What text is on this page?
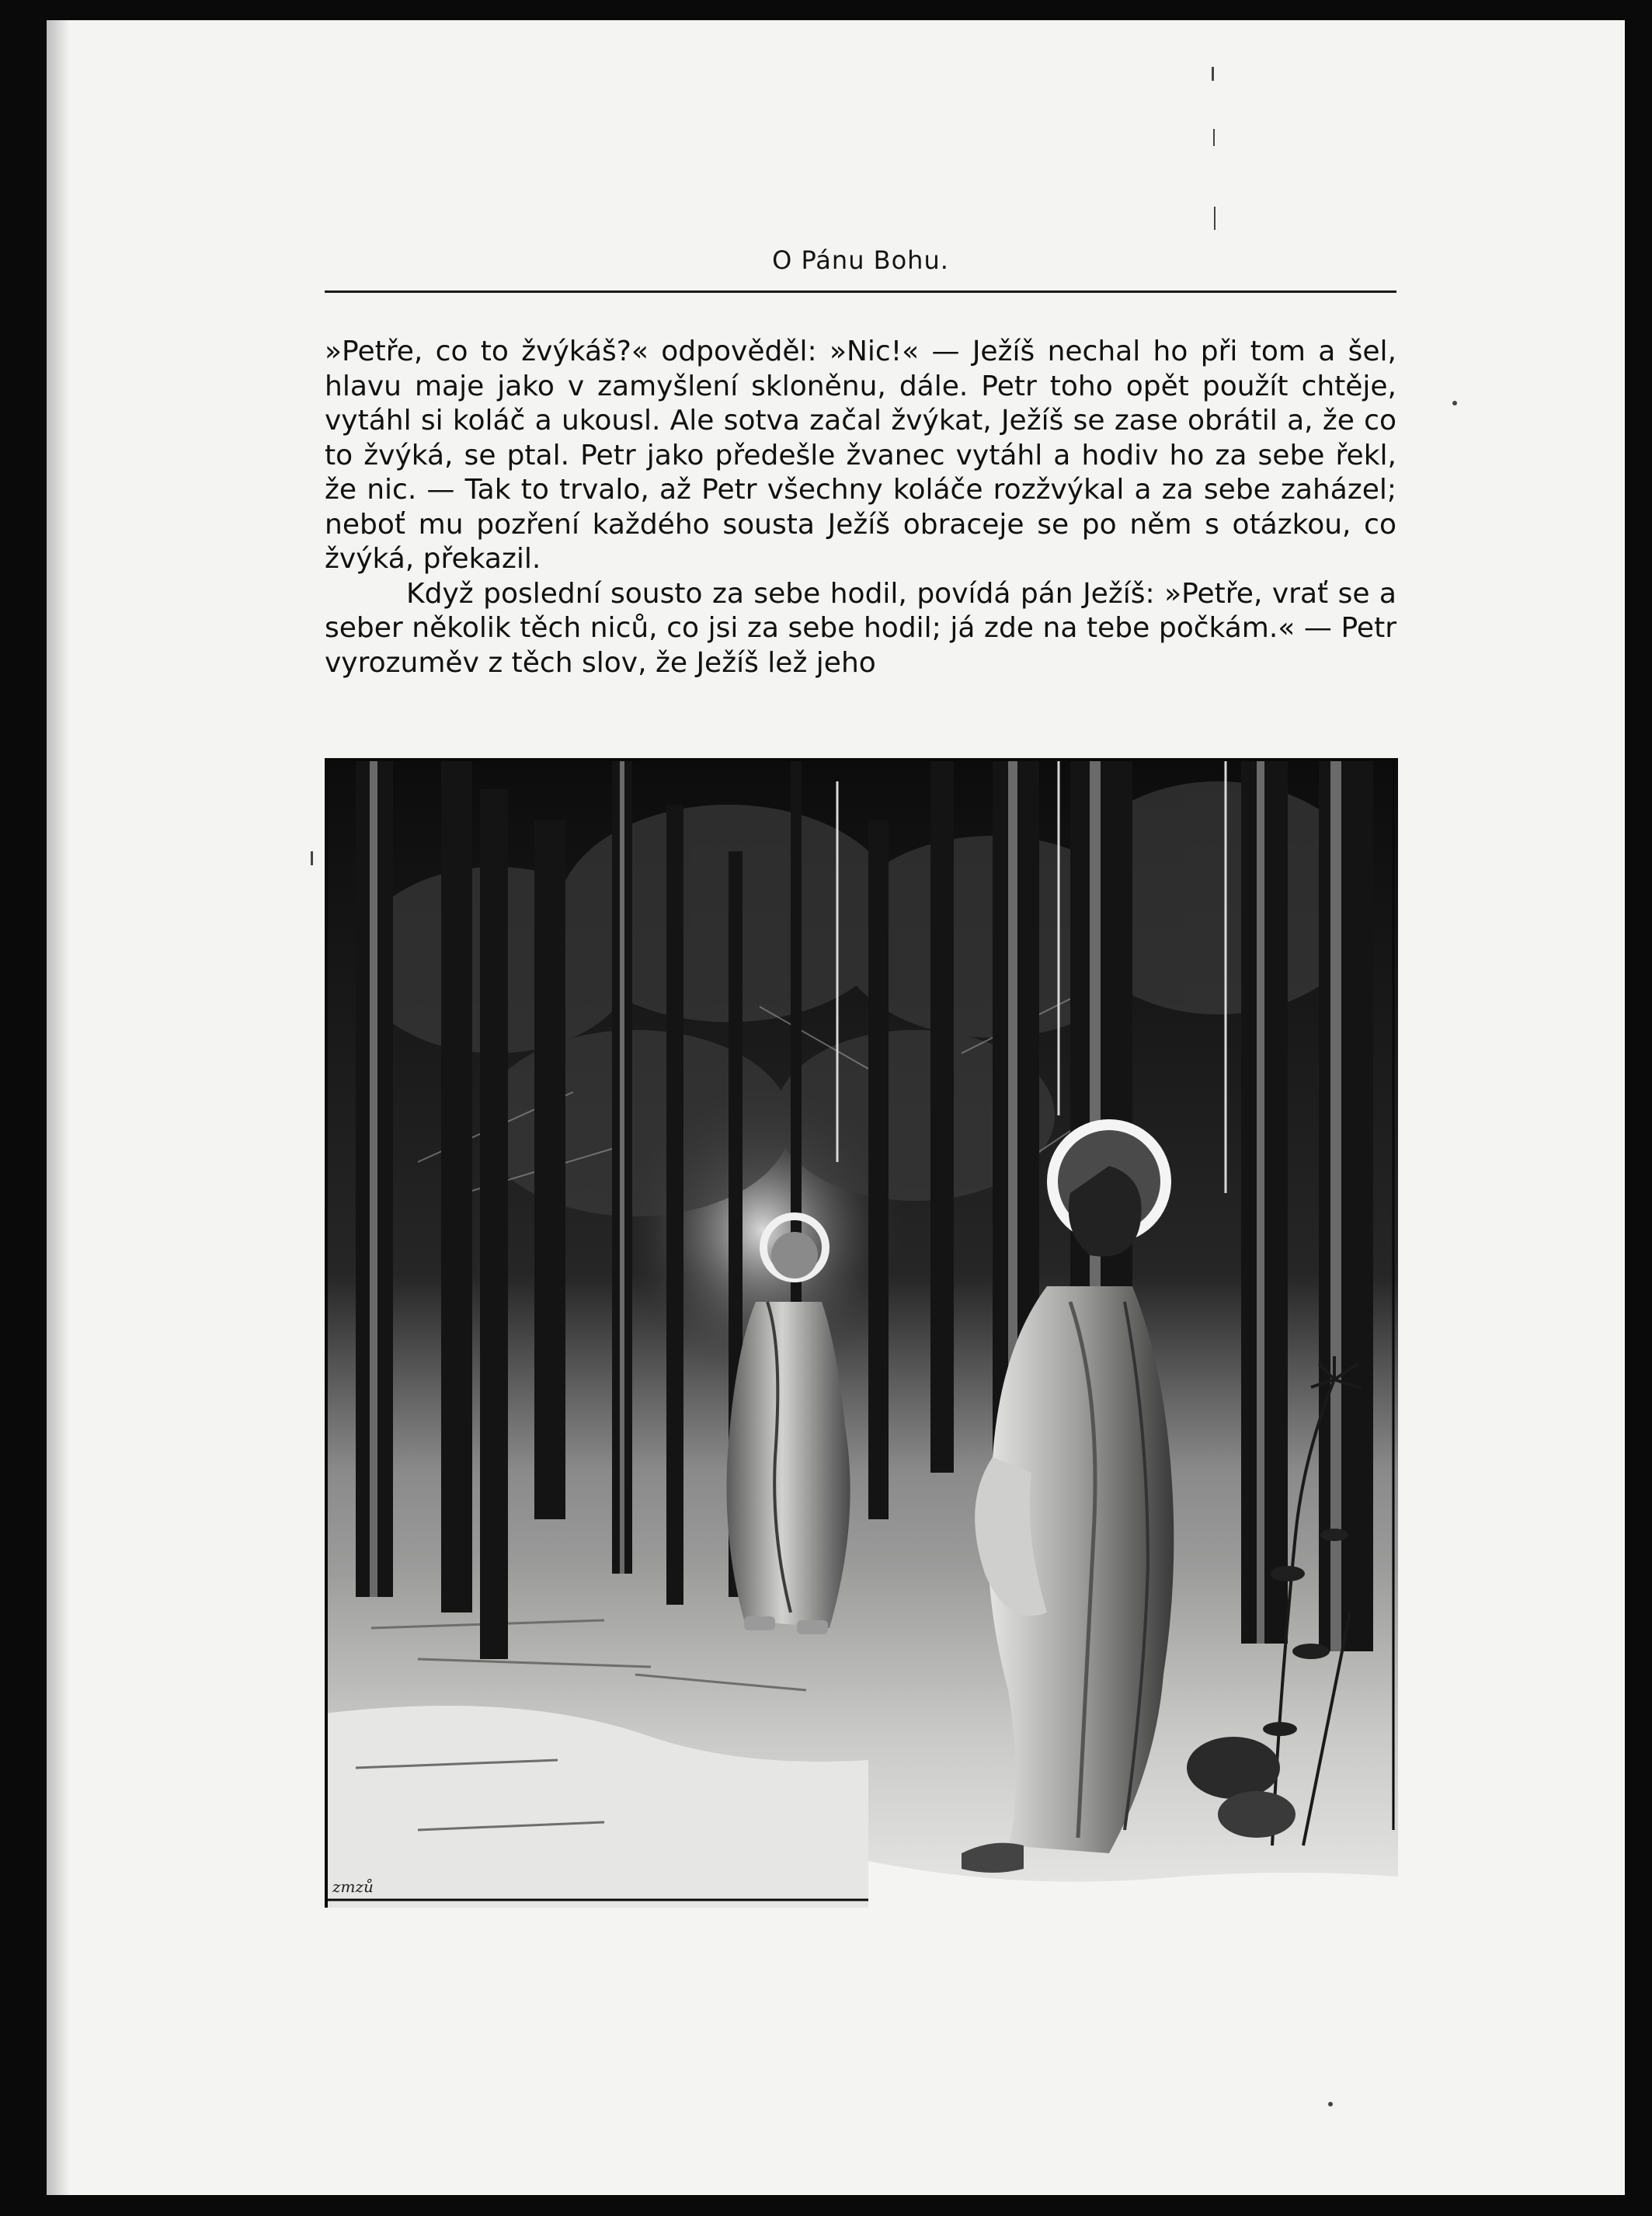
O Pánu Bohu.

»Petře, co to žvýkáš?« odpověděl: »Nic!« — Ježíš nechal ho při tom a šel, hlavu maje jako v zamyšlení skloněnu, dále. Petr toho opět použít chtěje, vytáhl si koláč a ukousl. Ale sotva začal žvýkat, Ježíš se zase obrátil a, že co to žvýká, se ptal. Petr jako předešle žvanec vytáhl a hodiv ho za sebe řekl, že nic. — Tak to trvalo, až Petr všechny koláče rozžvýkal a za sebe zaházel; neboť mu pozření každého sousta Ježíš obraceje se po něm s otázkou, co žvýká, překazil.

Když poslední sousto za sebe hodil, povídá pán Ježíš: »Petře, vrať se a seber několik těch niců, co jsi za sebe hodil; já zde na tebe počkám.« — Petr vyrozuměv z těch slov, že Ježíš lež jeho

zmzů
